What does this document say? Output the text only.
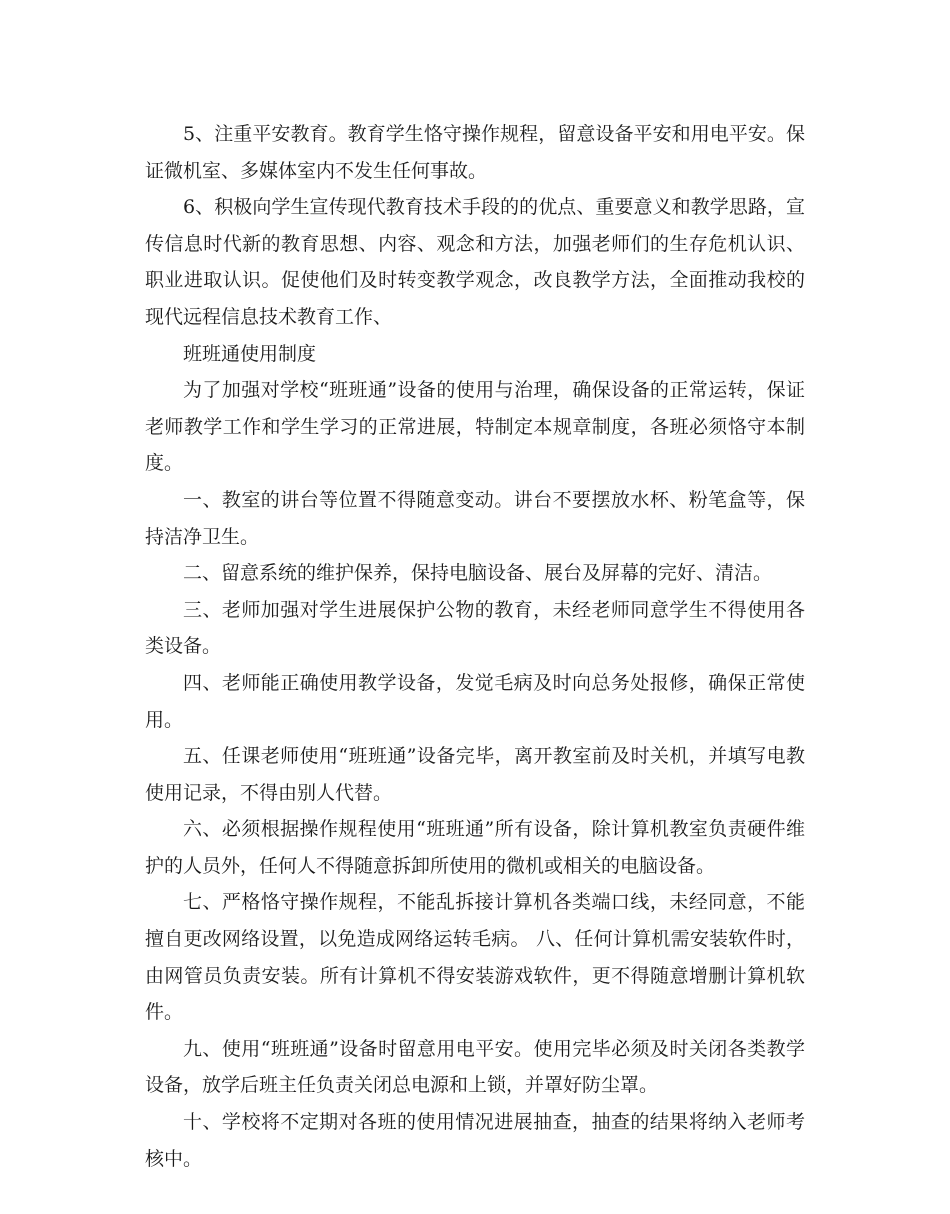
5、注重平安教育。教育学生恪守操作规程，留意设备平安和用电平安。保证微机室、多媒体室内不发生任何事故。

6、积极向学生宣传现代教育技术手段的的优点、重要意义和教学思路，宣传信息时代新的教育思想、内容、观念和方法，加强老师们的生存危机认识、职业进取认识。促使他们及时转变教学观念，改良教学方法，全面推动我校的现代远程信息技术教育工作、

班班通使用制度

为了加强对学校“班班通”设备的使用与治理，确保设备的正常运转，保证老师教学工作和学生学习的正常进展，特制定本规章制度，各班必须恪守本制度。

一、教室的讲台等位置不得随意变动。讲台不要摆放水杯、粉笔盒等，保持洁净卫生。

二、留意系统的维护保养，保持电脑设备、展台及屏幕的完好、清洁。

三、老师加强对学生进展保护公物的教育，未经老师同意学生不得使用各类设备。

四、老师能正确使用教学设备，发觉毛病及时向总务处报修，确保正常使用。

五、任课老师使用“班班通”设备完毕，离开教室前及时关机，并填写电教使用记录，不得由别人代替。

六、必须根据操作规程使用“班班通”所有设备，除计算机教室负责硬件维护的人员外，任何人不得随意拆卸所使用的微机或相关的电脑设备。

七、严格恪守操作规程，不能乱拆接计算机各类端口线，未经同意，不能擅自更改网络设置，以免造成网络运转毛病。 八、任何计算机需安装软件时，由网管员负责安装。所有计算机不得安装游戏软件，更不得随意增删计算机软件。

九、使用“班班通”设备时留意用电平安。使用完毕必须及时关闭各类教学设备，放学后班主任负责关闭总电源和上锁，并罩好防尘罩。

十、学校将不定期对各班的使用情况进展抽查，抽查的结果将纳入老师考核中。
